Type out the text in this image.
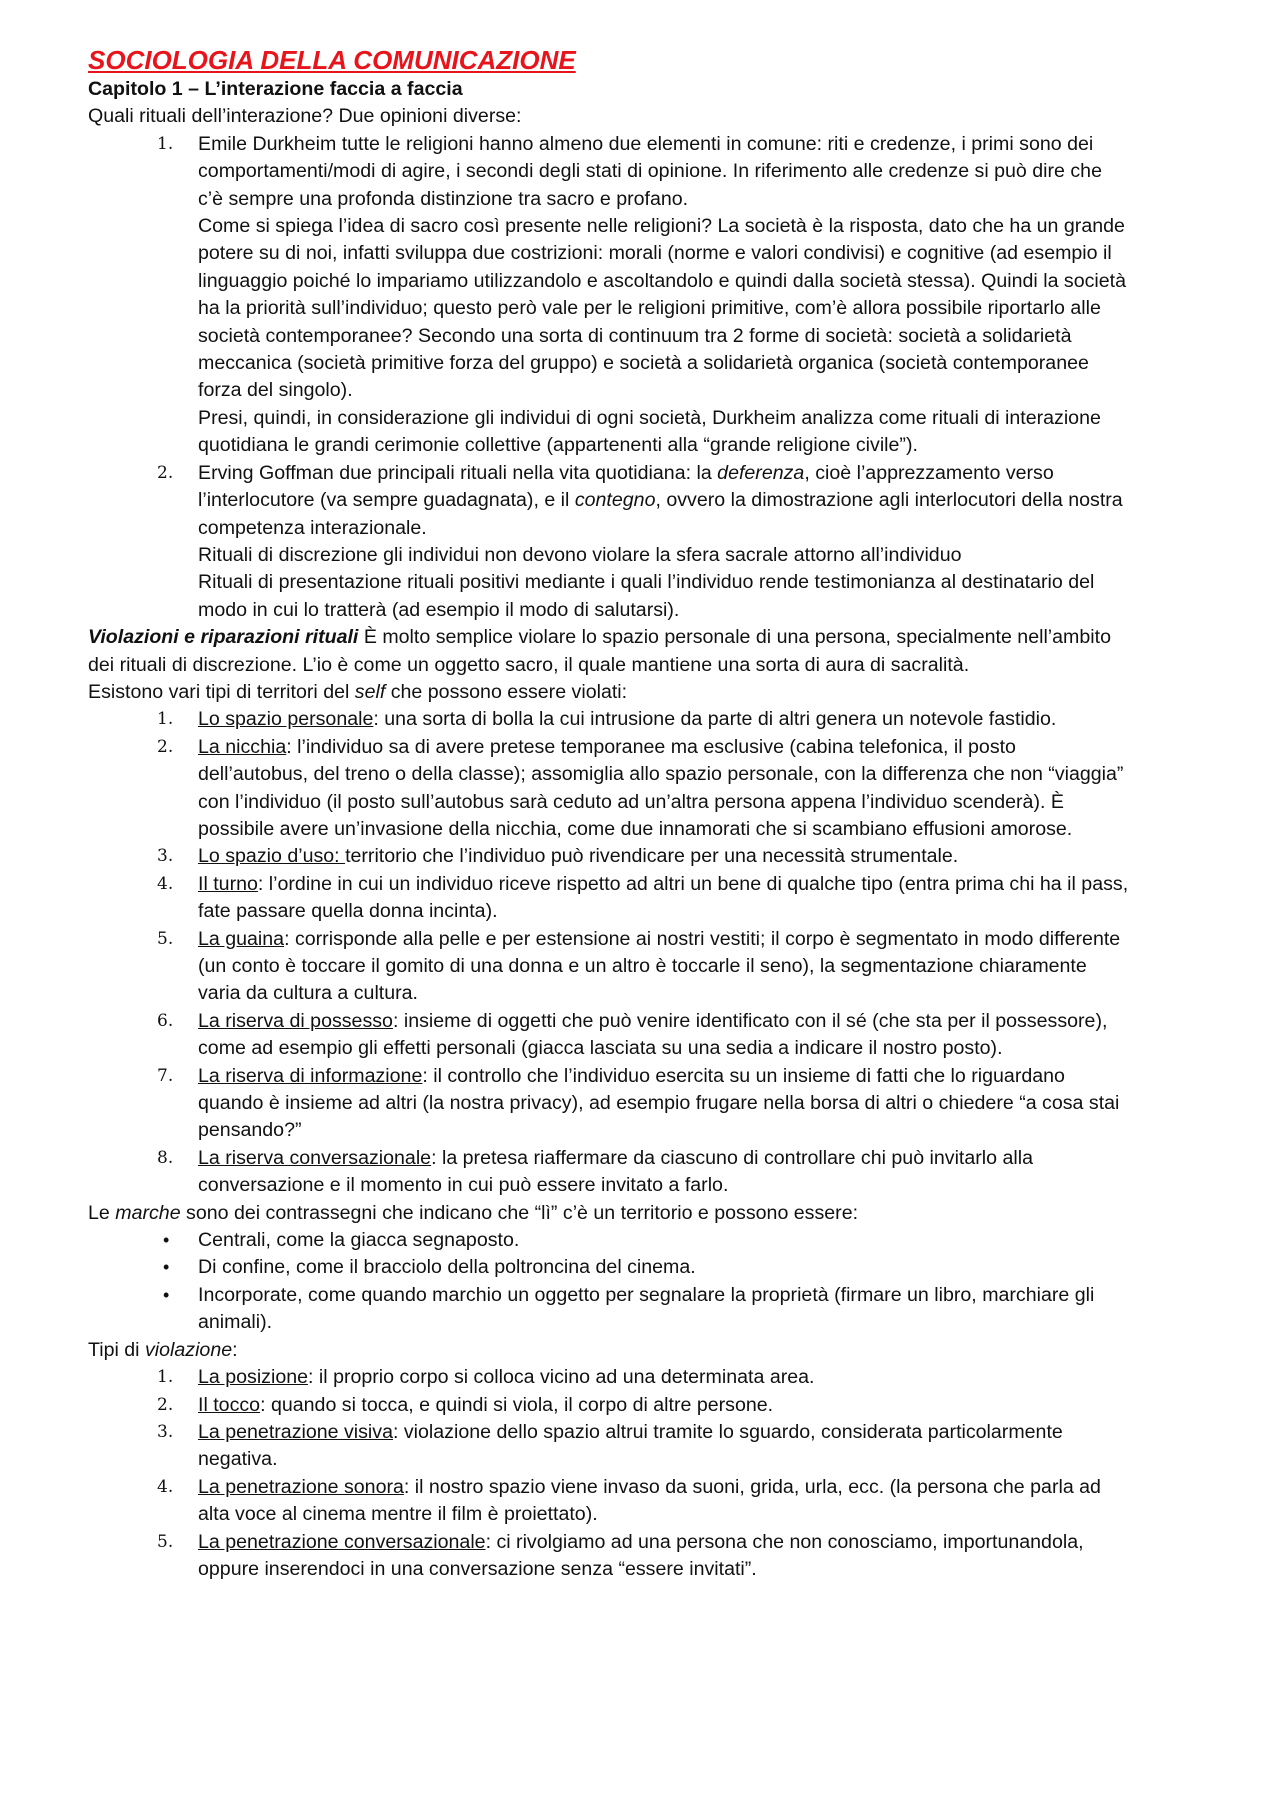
SOCIOLOGIA DELLA COMUNICAZIONE

Capitolo 1 – L’interazione faccia a faccia

Quali rituali dell’interazione? Due opinioni diverse:

1. Emile Durkheim tutte le religioni hanno almeno due elementi in comune: riti e credenze, i primi sono dei comportamenti/modi di agire, i secondi degli stati di opinione. In riferimento alle credenze si può dire che c’è sempre una profonda distinzione tra sacro e profano.
Come si spiega l’idea di sacro così presente nelle religioni? La società è la risposta, dato che ha un grande potere su di noi, infatti sviluppa due costrizioni: morali (norme e valori condivisi) e cognitive (ad esempio il linguaggio poiché lo impariamo utilizzandolo e ascoltandolo e quindi dalla società stessa). Quindi la società ha la priorità sull’individuo; questo però vale per le religioni primitive, com’è allora possibile riportarlo alle società contemporanee? Secondo una sorta di continuum tra 2 forme di società: società a solidarietà meccanica (società primitive forza del gruppo) e società a solidarietà organica (società contemporanee forza del singolo).
Presi, quindi, in considerazione gli individui di ogni società, Durkheim analizza come rituali di interazione quotidiana le grandi cerimonie collettive (appartenenti alla “grande religione civile”).
2. Erving Goffman due principali rituali nella vita quotidiana: la deferenza, cioè l’apprezzamento verso l’interlocutore (va sempre guadagnata), e il contegno, ovvero la dimostrazione agli interlocutori della nostra competenza interazionale.
Rituali di discrezione gli individui non devono violare la sfera sacrale attorno all’individuo
Rituali di presentazione rituali positivi mediante i quali l’individuo rende testimonianza al destinatario del modo in cui lo tratterà (ad esempio il modo di salutarsi).

Violazioni e riparazioni rituali È molto semplice violare lo spazio personale di una persona, specialmente nell’ambito dei rituali di discrezione. L’io è come un oggetto sacro, il quale mantiene una sorta di aura di sacralità.

Esistono vari tipi di territori del self che possono essere violati:

1. Lo spazio personale: una sorta di bolla la cui intrusione da parte di altri genera un notevole fastidio.
2. La nicchia: l’individuo sa di avere pretese temporanee ma esclusive (cabina telefonica, il posto dell’autobus, del treno o della classe); assomiglia allo spazio personale, con la differenza che non “viaggia” con l’individuo (il posto sull’autobus sarà ceduto ad un’altra persona appena l’individuo scenderà). È possibile avere un’invasione della nicchia, come due innamorati che si scambiano effusioni amorose.
3. Lo spazio d’uso: territorio che l’individuo può rivendicare per una necessità strumentale.
4. Il turno: l’ordine in cui un individuo riceve rispetto ad altri un bene di qualche tipo (entra prima chi ha il pass, fate passare quella donna incinta).
5. La guaina: corrisponde alla pelle e per estensione ai nostri vestiti; il corpo è segmentato in modo differente (un conto è toccare il gomito di una donna e un altro è toccarle il seno), la segmentazione chiaramente varia da cultura a cultura.
6. La riserva di possesso: insieme di oggetti che può venire identificato con il sé (che sta per il possessore), come ad esempio gli effetti personali (giacca lasciata su una sedia a indicare il nostro posto).
7. La riserva di informazione: il controllo che l’individuo esercita su un insieme di fatti che lo riguardano quando è insieme ad altri (la nostra privacy), ad esempio frugare nella borsa di altri o chiedere “a cosa stai pensando?”
8. La riserva conversazionale: la pretesa riaffermare da ciascuno di controllare chi può invitarlo alla conversazione e il momento in cui può essere invitato a farlo.

Le marche sono dei contrassegni che indicano che “lì” c’è un territorio e possono essere:

• Centrali, come la giacca segnaposto.
• Di confine, come il bracciolo della poltroncina del cinema.
• Incorporate, come quando marchio un oggetto per segnalare la proprietà (firmare un libro, marchiare gli animali).

Tipi di violazione:

1. La posizione: il proprio corpo si colloca vicino ad una determinata area.
2. Il tocco: quando si tocca, e quindi si viola, il corpo di altre persone.
3. La penetrazione visiva: violazione dello spazio altrui tramite lo sguardo, considerata particolarmente negativa.
4. La penetrazione sonora: il nostro spazio viene invaso da suoni, grida, urla, ecc. (la persona che parla ad alta voce al cinema mentre il film è proiettato).
5. La penetrazione conversazionale: ci rivolgiamo ad una persona che non conosciamo, importunandola, oppure inserendoci in una conversazione senza “essere invitati”.
